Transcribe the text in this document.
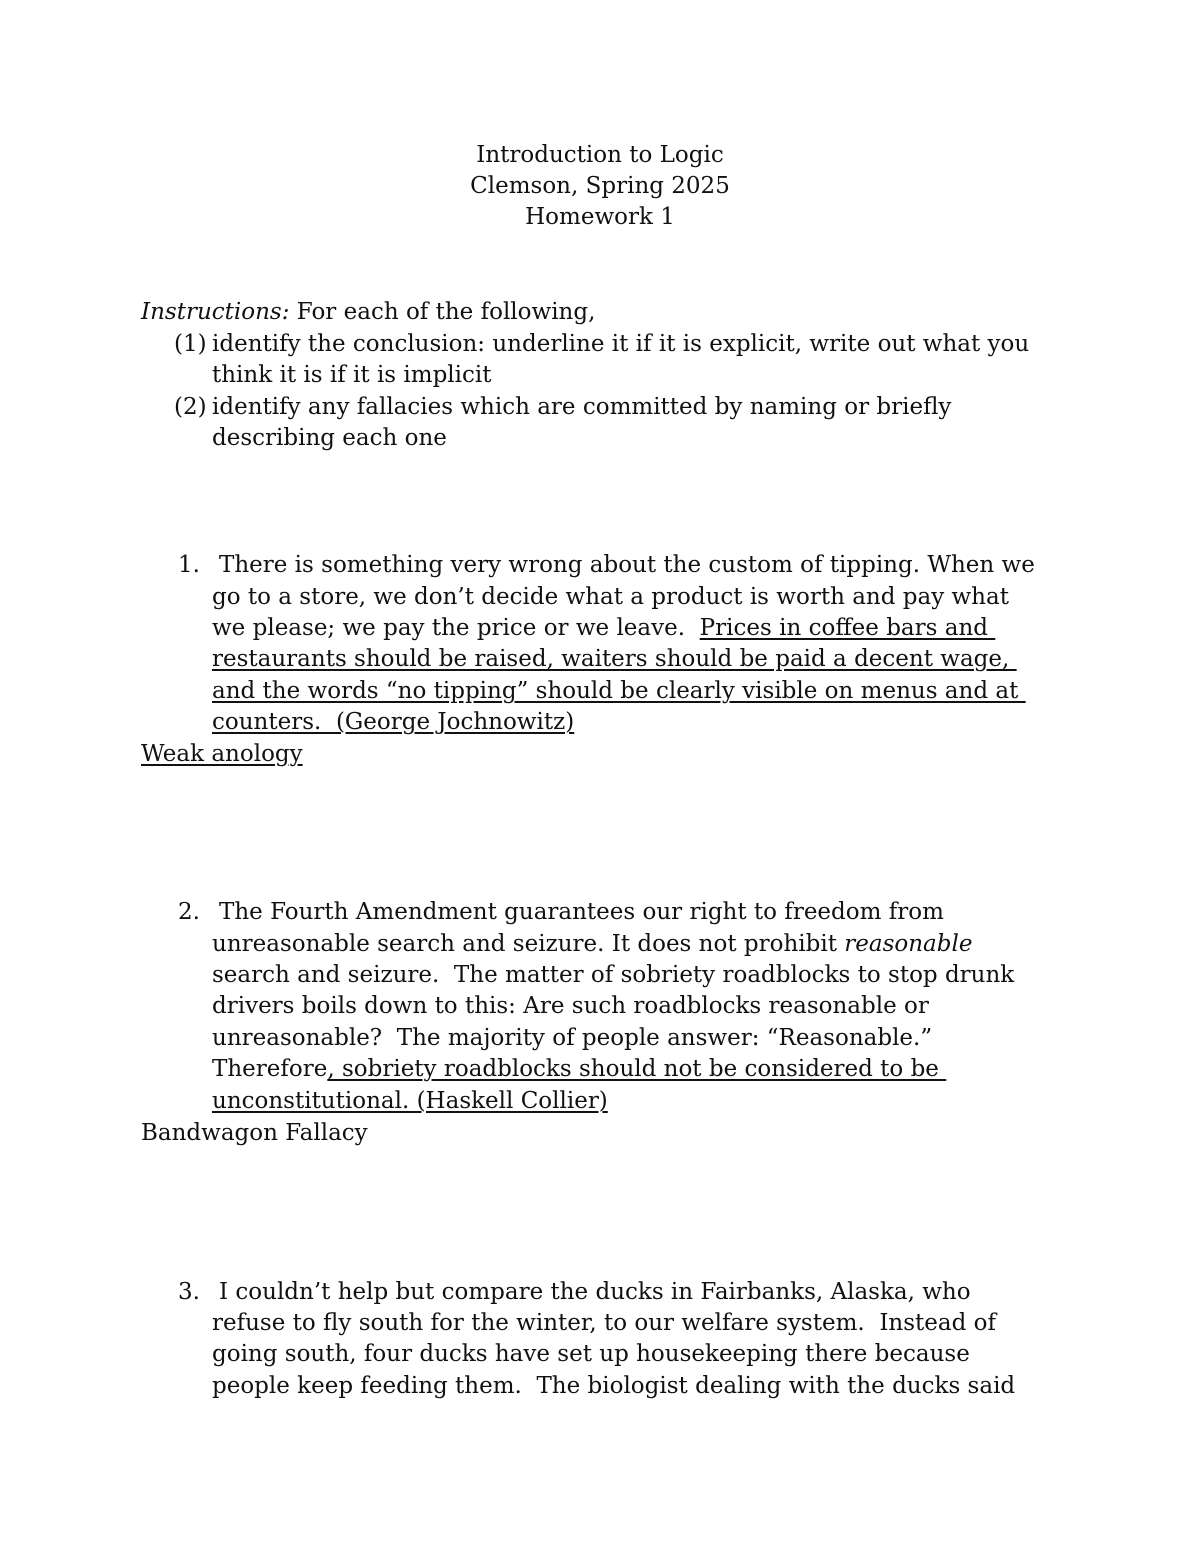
Introduction to Logic
Clemson, Spring 2025
Homework 1
Instructions: For each of the following,
(1) identify the conclusion: underline it if it is explicit, write out what you
think it is if it is implicit
(2) identify any fallacies which are committed by naming or briefly
describing each one
1. There is something very wrong about the custom of tipping. When we
go to a store, we don’t decide what a product is worth and pay what
we please; we pay the price or we leave.  Prices in coffee bars and
restaurants should be raised, waiters should be paid a decent wage,
and the words “no tipping” should be clearly visible on menus and at
counters.  (George Jochnowitz)
Weak anology
2. The Fourth Amendment guarantees our right to freedom from
unreasonable search and seizure. It does not prohibit reasonable
search and seizure.  The matter of sobriety roadblocks to stop drunk
drivers boils down to this: Are such roadblocks reasonable or
unreasonable?  The majority of people answer: “Reasonable.”
Therefore, sobriety roadblocks should not be considered to be
unconstitutional. (Haskell Collier)
Bandwagon Fallacy
3. I couldn’t help but compare the ducks in Fairbanks, Alaska, who
refuse to fly south for the winter, to our welfare system.  Instead of
going south, four ducks have set up housekeeping there because
people keep feeding them.  The biologist dealing with the ducks said
